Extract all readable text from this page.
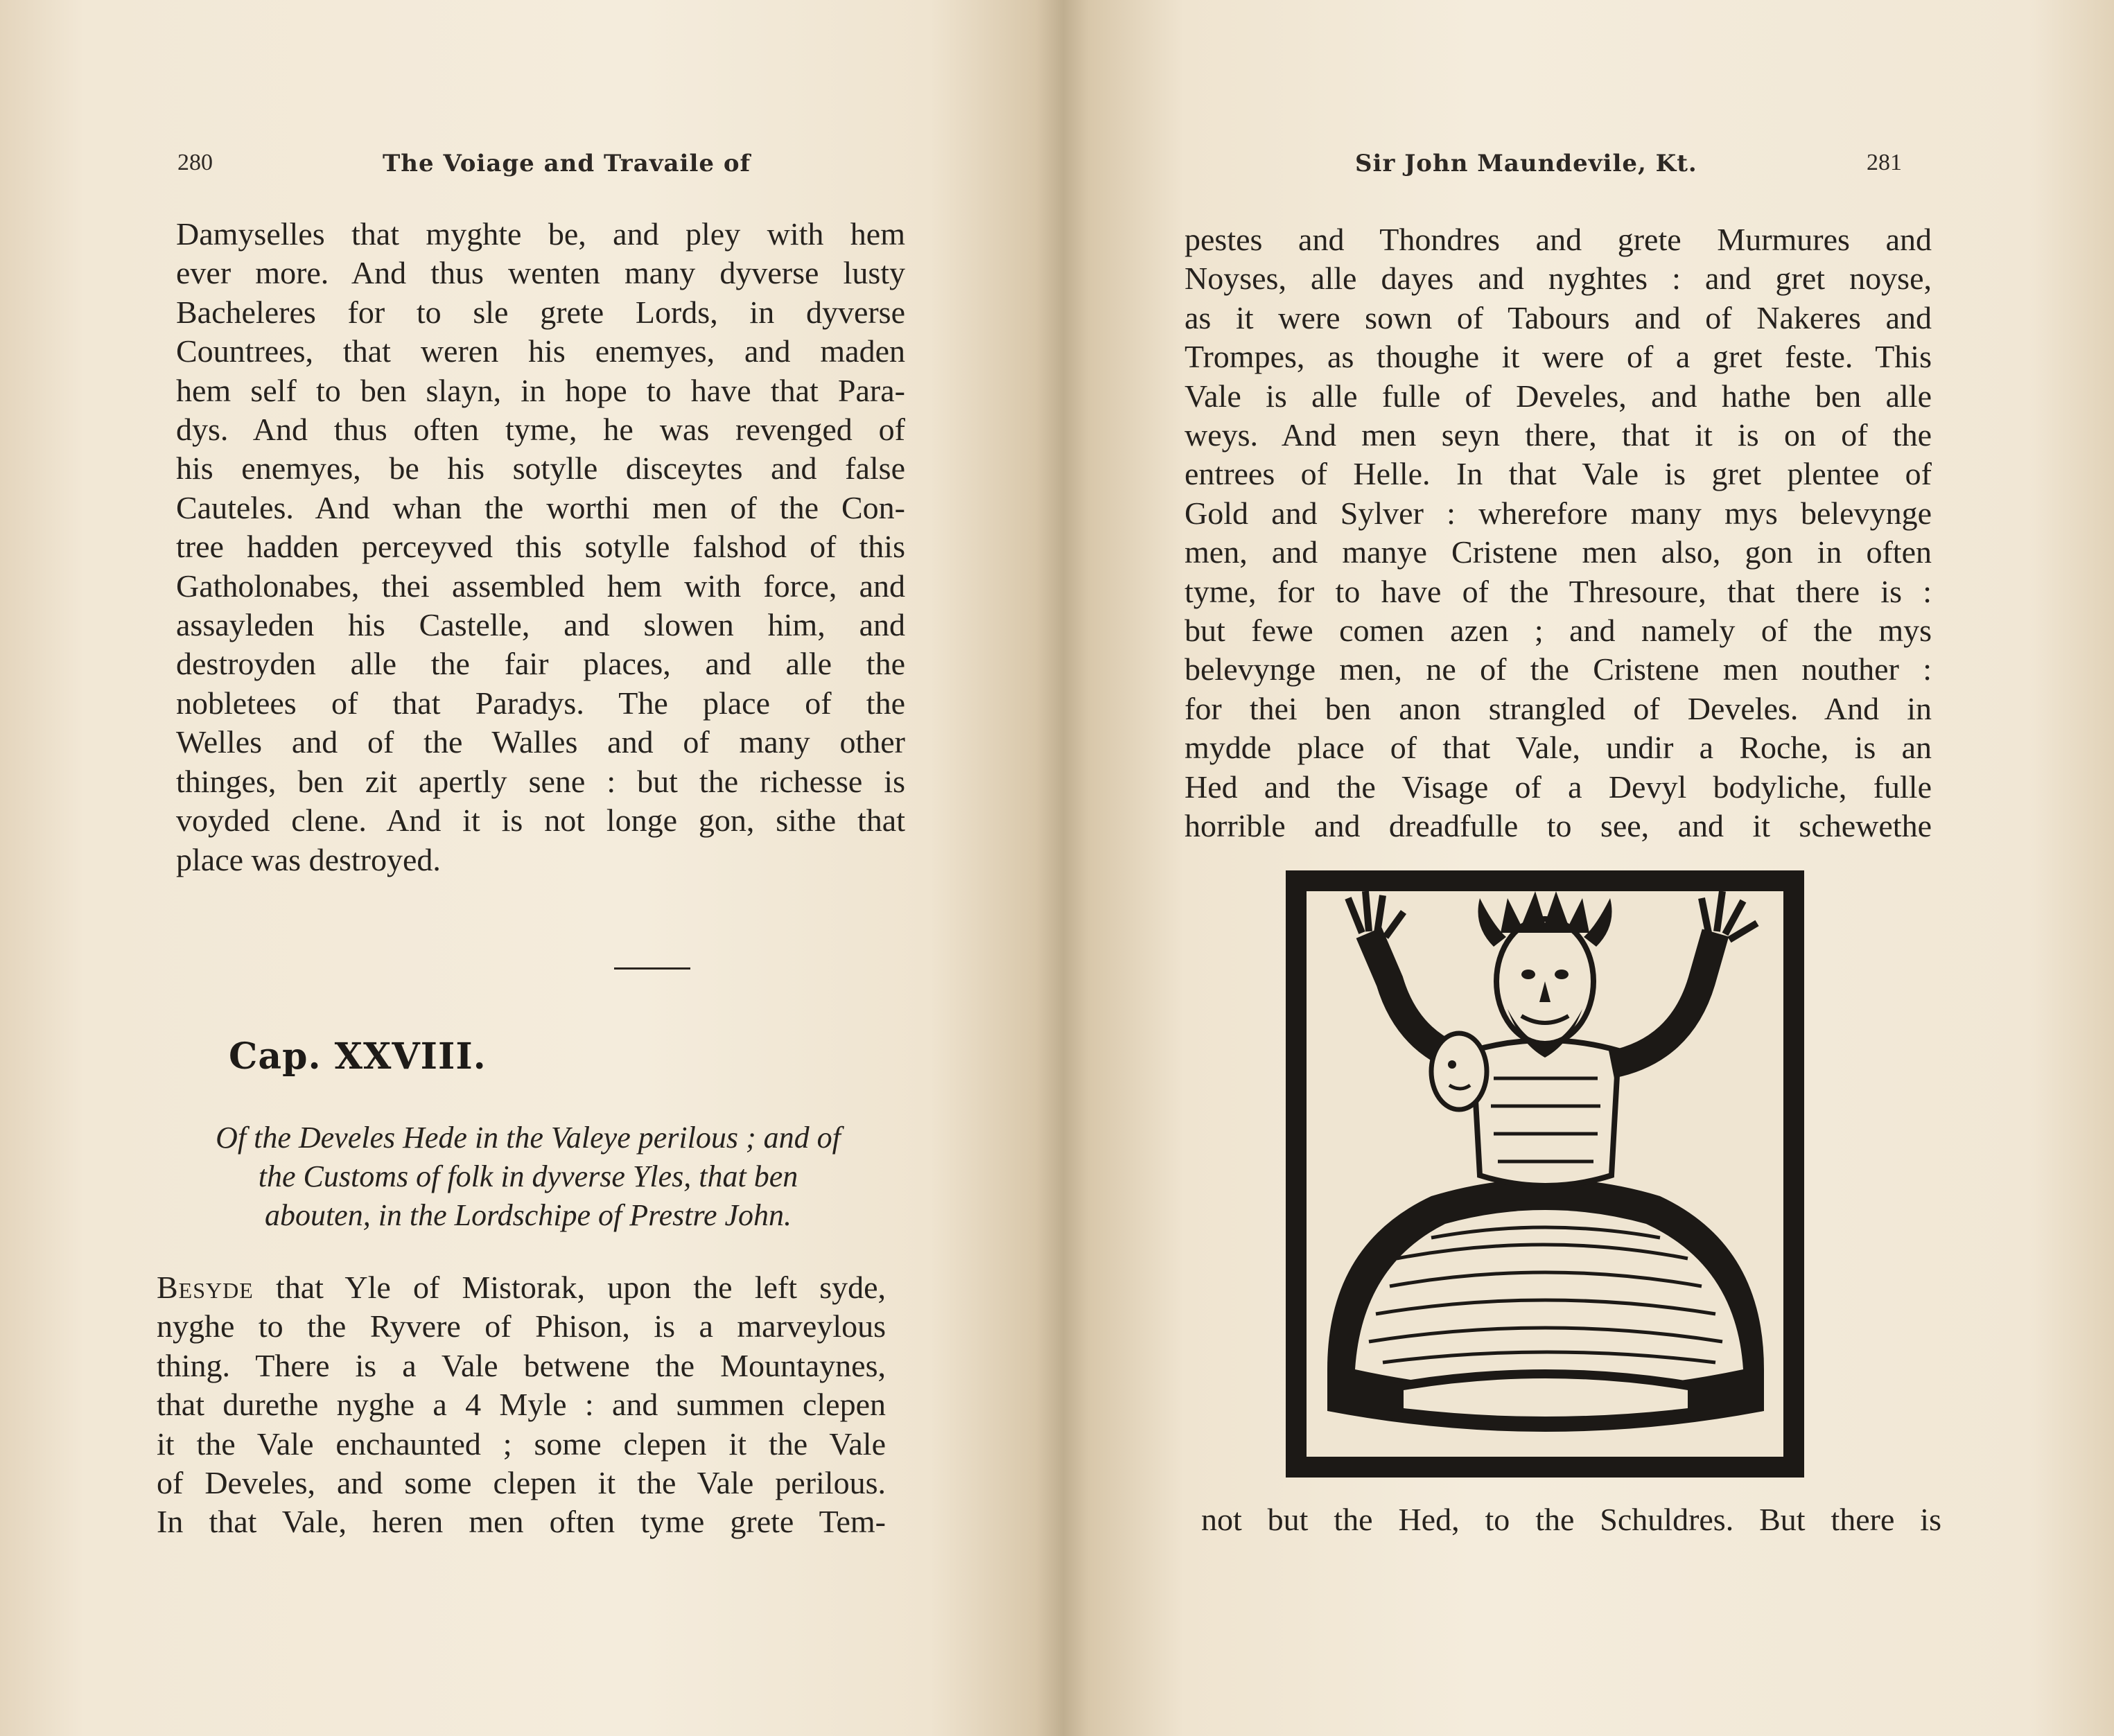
280	The Voiage and Travaile of
Damyselles that myghte be, and pley with hem
ever more. And thus wenten many dyverse lusty
Bacheleres for to sle grete Lords, in dyverse
Countrees, that weren his enemyes, and maden
hem self to ben slayn, in hope to have that Para-
dys. And thus often tyme, he was revenged of
his enemyes, be his sotylle disceytes and false
Cauteles. And whan the worthi men of the Con-
tree hadden perceyved this sotylle falshod of this
Gatholonabes, thei assembled hem with force, and
assayleden his Castelle, and slowen him, and
destroyden alle the fair places, and alle the
nobletees of that Paradys. The place of the
Welles and of the Walles and of many other
thinges, ben zit apertly sene : but the richesse is
voyded clene. And it is not longe gon, sithe that
place was destroyed.
Cap. XXVIII.
Of the Develes Hede in the Valeye perilous ; and of
the Customs of folk in dyverse Yles, that ben
abouten, in the Lordschipe of Prestre John.
Besyde that Yle of Mistorak, upon the left syde,
nyghe to the Ryvere of Phison, is a marveylous
thing. There is a Vale betwene the Mountaynes,
that durethe nyghe a 4 Myle : and summen clepen
it the Vale enchaunted ; some clepen it the Vale
of Develes, and some clepen it the Vale perilous.
In that Vale, heren men often tyme grete Tem-
Sir John Maundevile, Kt.	281
pestes and Thondres and grete Murmures and
Noyses, alle dayes and nyghtes : and gret noyse,
as it were sown of Tabours and of Nakeres and
Trompes, as thoughe it were of a gret feste. This
Vale is alle fulle of Develes, and hathe ben alle
weys. And men seyn there, that it is on of the
entrees of Helle. In that Vale is gret plentee of
Gold and Sylver : wherefore many mys belevynge
men, and manye Cristene men also, gon in often
tyme, for to have of the Thresoure, that there is :
but fewe comen azen ; and namely of the mys
belevynge men, ne of the Cristene men nouther :
for thei ben anon strangled of Develes. And in
mydde place of that Vale, undir a Roche, is an
Hed and the Visage of a Devyl bodyliche, fulle
horrible and dreadfulle to see, and it schewethe
not but the Hed, to the Schuldres. But there is
